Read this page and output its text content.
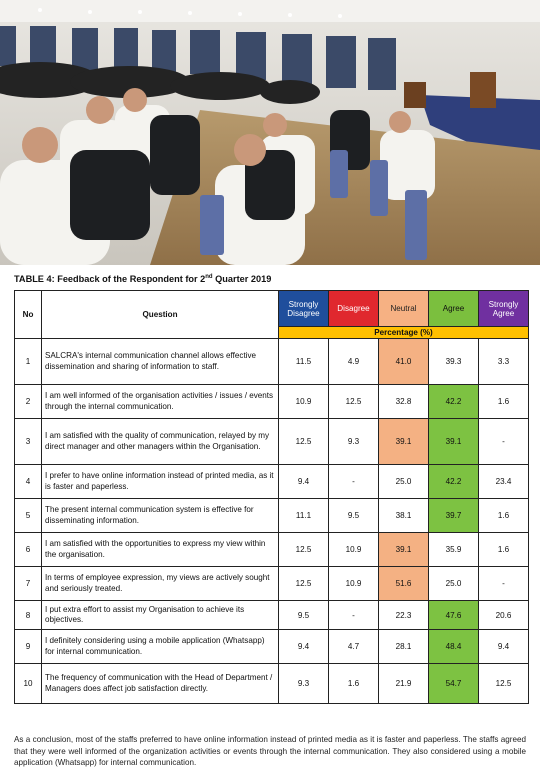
TABLE 4: Feedback of the Respondent for 2nd Quarter 2019
No	Question	Strongly Disagree	Disagree	Neutral	Agree	Strongly Agree
		Percentage (%)				
1	SALCRA's internal communication channel allows effective dissemination and sharing of information to staff.	11.5	4.9	41.0	39.3	3.3
2	I am well informed of the organisation activities / issues / events through the internal communication.	10.9	12.5	32.8	42.2	1.6
3	I am satisfied with the quality of communication, relayed by my direct manager and other managers within the Organisation.	12.5	9.3	39.1	39.1	-
4	I prefer to have online information instead of printed media, as it is faster and paperless.	9.4	-	25.0	42.2	23.4
5	The present internal communication system is effective for disseminating information.	11.1	9.5	38.1	39.7	1.6
6	I am satisfied with the opportunities to express my view within the organisation.	12.5	10.9	39.1	35.9	1.6
7	In terms of employee expression, my views are actively sought and seriously treated.	12.5	10.9	51.6	25.0	-
8	I put extra effort to assist my Organisation to achieve its objectives.	9.5	-	22.3	47.6	20.6
9	I definitely considering using a mobile application (Whatsapp) for internal communication.	9.4	4.7	28.1	48.4	9.4
10	The frequency of communication with the Head of Department / Managers does affect job satisfaction directly.	9.3	1.6	21.9	54.7	12.5
As a conclusion, most of the staffs preferred to have online information instead of printed media as it is faster and paperless. The staffs agreed that they were well informed of the organization activities or events through the internal communication. They also considered using a mobile application (Whatsapp) for internal communication.
